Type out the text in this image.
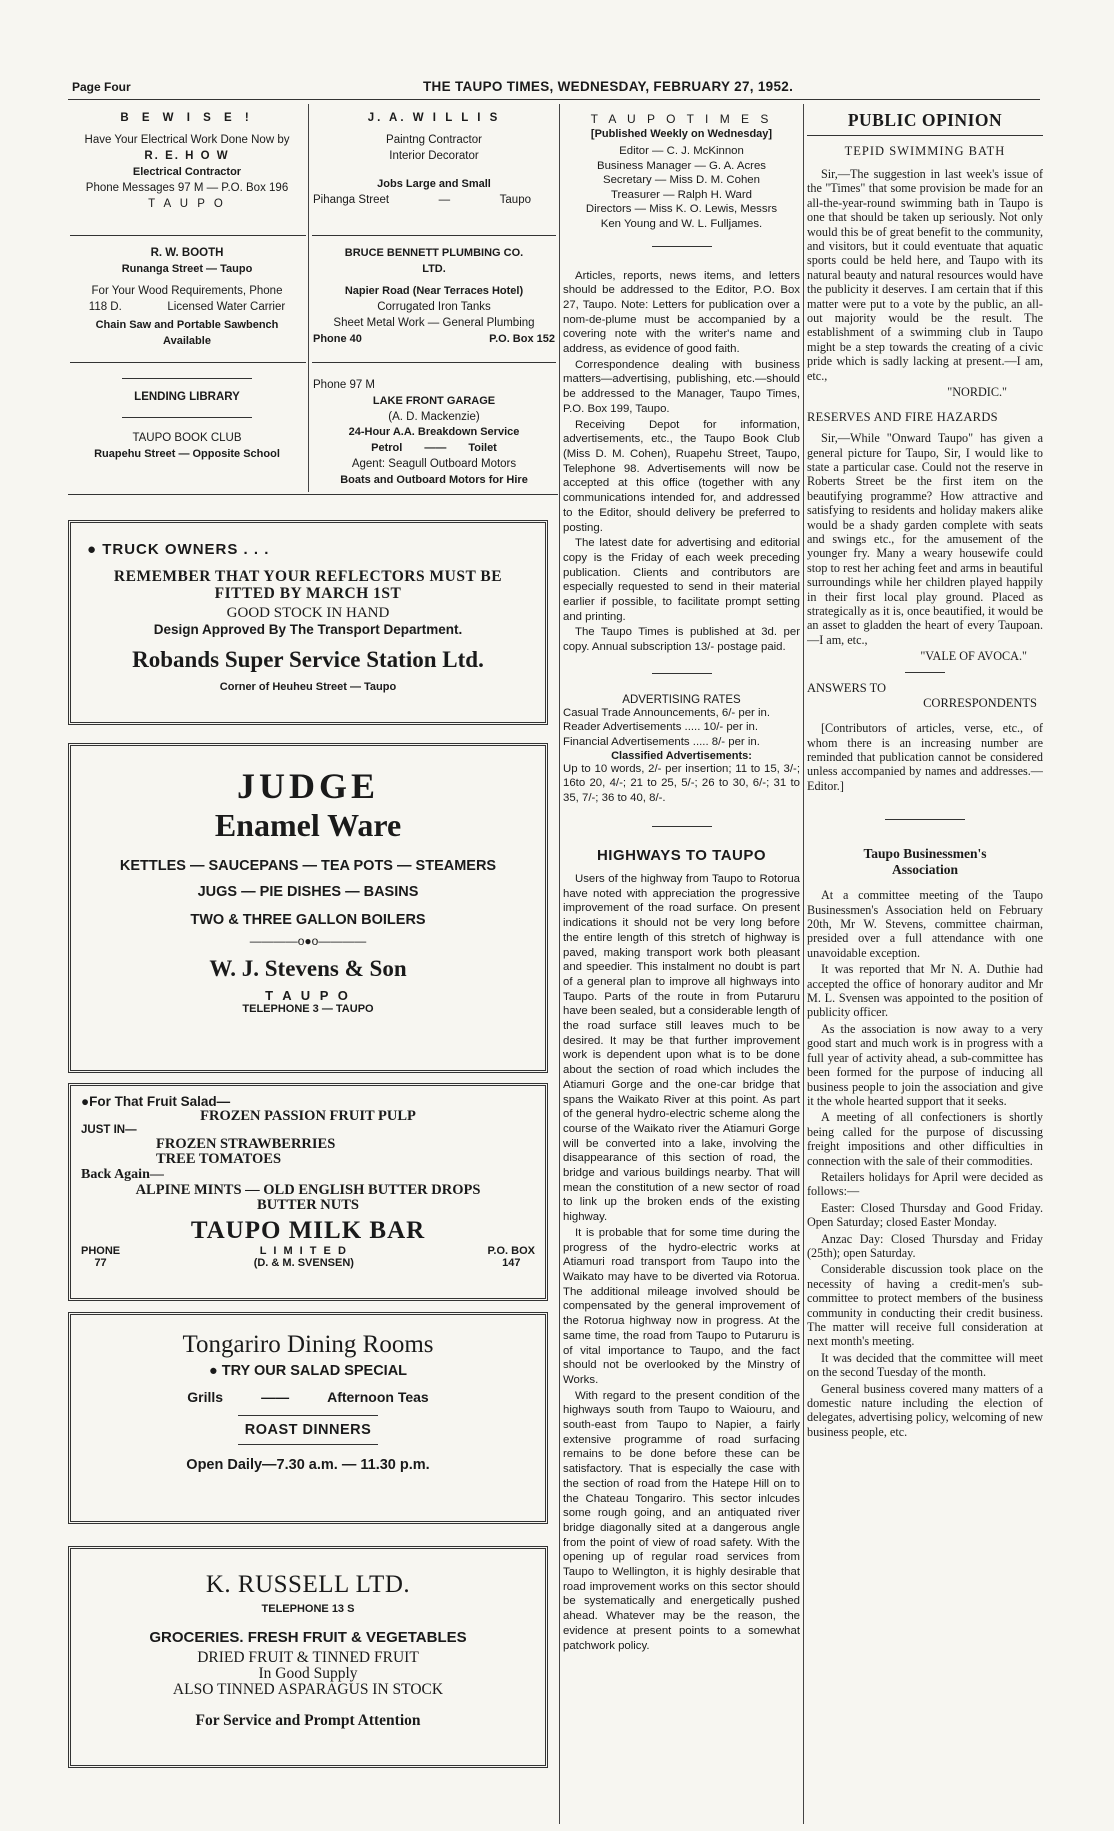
Page Four	THE TAUPO TIMES, WEDNESDAY, FEBRUARY 27, 1952.
B E W I S E !
Have Your Electrical Work Done Now by
R. E. H O W
Electrical Contractor
Phone Messages 97 M — P.O. Box 196
T A U P O
R. W. BOOTH
Runanga Street — Taupo
For Your Wood Requirements, Phone
118 D.	Licensed Water Carrier
Chain Saw and Portable Sawbench
Available
LENDING LIBRARY
TAUPO BOOK CLUB
Ruapehu Street — Opposite School
J. A. W I L L I S
Paintng Contractor
Interior Decorator
Jobs Large and Small
Pihanga Street	—	Taupo
BRUCE BENNETT PLUMBING CO.
LTD.
Napier Road (Near Terraces Hotel)
Corrugated Iron Tanks
Sheet Metal Work — General Plumbing
Phone 40	P.O. Box 152
Phone 97 M
LAKE FRONT GARAGE
(A. D. Mackenzie)
24-Hour A.A. Breakdown Service
Petrol —— Toilet
Agent: Seagull Outboard Motors
Boats and Outboard Motors for Hire
● TRUCK OWNERS . . .
REMEMBER THAT YOUR REFLECTORS MUST BE
FITTED BY MARCH 1ST
GOOD STOCK IN HAND
Design Approved By The Transport Department.
Robands Super Service Station Ltd.
Corner of Heuheu Street — Taupo
JUDGE
Enamel Ware
KETTLES — SAUCEPANS — TEA POTS — STEAMERS
JUGS — PIE DISHES — BASINS
TWO & THREE GALLON BOILERS
————o●o————
W. J. Stevens & Son
T A U P O
TELEPHONE 3 — TAUPO
●For That Fruit Salad—
FROZEN PASSION FRUIT PULP
JUST IN—
FROZEN STRAWBERRIES
TREE TOMATOES
Back Again—
ALPINE MINTS — OLD ENGLISH BUTTER DROPS
BUTTER NUTS
TAUPO MILK BAR
PHONE
77
L I M I T E D
(D. & M. SVENSEN)
P.O. BOX
147
Tongariro Dining Rooms
● TRY OUR SALAD SPECIAL
Grills	——	Afternoon Teas
ROAST DINNERS
Open Daily—7.30 a.m. — 11.30 p.m.
K. RUSSELL LTD.
TELEPHONE 13 S
GROCERIES. FRESH FRUIT & VEGETABLES
DRIED FRUIT & TINNED FRUIT
In Good Supply
ALSO TINNED ASPARAGUS IN STOCK
For Service and Prompt Attention
T A U P O T I M E S
[Published Weekly on Wednesday]
Editor — C. J. McKinnon
Business Manager — G. A. Acres
Secretary — Miss D. M. Cohen
Treasurer — Ralph H. Ward
Directors — Miss K. O. Lewis, Messrs
Ken Young and W. L. Fulljames.

Articles, reports, news items, and letters should be addressed to the Editor, P.O. Box 27, Taupo. Note: Letters for publication over a nom-de-plume must be accompanied by a covering note with the writer's name and address, as evidence of good faith.

Correspondence dealing with business matters—advertising, publishing, etc.—should be addressed to the Manager, Taupo Times, P.O. Box 199, Taupo.

Receiving Depot for information, advertisements, etc., the Taupo Book Club (Miss D. M. Cohen), Ruapehu Street, Taupo, Telephone 98. Advertisements will now be accepted at this office (together with any communications intended for, and addressed to the Editor, should delivery be preferred to posting.

The latest date for advertising and editorial copy is the Friday of each week preceding publication. Clients and contributors are especially requested to send in their material earlier if possible, to facilitate prompt setting and printing.

The Taupo Times is published at 3d. per copy. Annual subscription 13/- postage paid.

ADVERTISING RATES
Casual Trade Announcements, 6/- per in.
Reader Advertisements ..... 10/- per in.
Financial Advertisements ..... 8/- per in.
Classified Advertisements:
Up to 10 words, 2/- per insertion; 11 to 15, 3/-; 16to 20, 4/-; 21 to 25, 5/-; 26 to 30, 6/-; 31 to 35, 7/-; 36 to 40, 8/-.
HIGHWAYS TO TAUPO

Users of the highway from Taupo to Rotorua have noted with appreciation the progressive improvement of the road surface. On present indications it should not be very long before the entire length of this stretch of highway is paved, making transport work both pleasant and speedier. This instalment no doubt is part of a general plan to improve all highways into Taupo. Parts of the route in from Putaruru have been sealed, but a considerable length of the road surface still leaves much to be desired. It may be that further improvement work is dependent upon what is to be done about the section of road which includes the Atiamuri Gorge and the one-car bridge that spans the Waikato River at this point. As part of the general hydro-electric scheme along the course of the Waikato river the Atiamuri Gorge will be converted into a lake, involving the disappearance of this section of road, the bridge and various buildings nearby. That will mean the constitution of a new sector of road to link up the broken ends of the existing highway.

It is probable that for some time during the progress of the hydro-electric works at Atiamuri road transport from Taupo into the Waikato may have to be diverted via Rotorua. The additional mileage involved should be compensated by the general improvement of the Rotorua highway now in progress. At the same time, the road from Taupo to Putaruru is of vital importance to Taupo, and the fact should not be overlooked by the Minstry of Works.

With regard to the present condition of the highways south from Taupo to Waiouru, and south-east from Taupo to Napier, a fairly extensive programme of road surfacing remains to be done before these can be satisfactory. That is especially the case with the section of road from the Hatepe Hill on to the Chateau Tongariro. This sector inlcudes some rough going, and an antiquated river bridge diagonally sited at a dangerous angle from the point of view of road safety. With the opening up of regular road services from Taupo to Wellington, it is highly desirable that road improvement works on this sector should be systematically and energetically pushed ahead. Whatever may be the reason, the evidence at present points to a somewhat patchwork policy.

PUBLIC OPINION
TEPID SWIMMING BATH

Sir,—The suggestion in last week's issue of the "Times" that some provision be made for an all-the-year-round swimming bath in Taupo is one that should be taken up seriously. Not only would this be of great benefit to the community, and visitors, but it could eventuate that aquatic sports could be held here, and Taupo with its natural beauty and natural resources would have the publicity it deserves. I am certain that if this matter were put to a vote by the public, an all-out majority would be the result. The establishment of a swimming club in Taupo might be a step towards the creating of a civic pride which is sadly lacking at present.—I am, etc.,

"NORDIC."
RESERVES AND FIRE HAZARDS

Sir,—While "Onward Taupo" has given a general picture for Taupo, Sir, I would like to state a particular case. Could not the reserve in Roberts Street be the first item on the beautifying programme? How attractive and satisfying to residents and holiday makers alike would be a shady garden complete with seats and swings etc., for the amusement of the younger fry. Many a weary housewife could stop to rest her aching feet and arms in beautiful surroundings while her children played happily in their first local play ground. Placed as strategically as it is, once beautified, it would be an asset to gladden the heart of every Taupoan.—I am, etc.,

"VALE OF AVOCA."
ANSWERS TO
CORRESPONDENTS

[Contributors of articles, verse, etc., of whom there is an increasing number are reminded that publication cannot be considered unless accompanied by names and addresses.—Editor.]

Taupo Businessmen's
Association

At a committee meeting of the Taupo Businessmen's Association held on February 20th, Mr W. Stevens, committee chairman, presided over a full attendance with one unavoidable exception.

It was reported that Mr N. A. Duthie had accepted the office of honorary auditor and Mr M. L. Svensen was appointed to the position of publicity officer.

As the association is now away to a very good start and much work is in progress with a full year of activity ahead, a sub-committee has been formed for the purpose of inducing all business people to join the association and give it the whole hearted support that it seeks.

A meeting of all confectioners is shortly being called for the purpose of discussing freight impositions and other difficulties in connection with the sale of their commodities.

Retailers holidays for April were decided as follows:—

Easter: Closed Thursday and Good Friday. Open Saturday; closed Easter Monday.

Anzac Day: Closed Thursday and Friday (25th); open Saturday.

Considerable discussion took place on the necessity of having a credit-men's sub-committee to protect members of the business community in conducting their credit business. The matter will receive full consideration at next month's meeting.

It was decided that the committee will meet on the second Tuesday of the month.

General business covered many matters of a domestic nature including the election of delegates, advertising policy, welcoming of new business people, etc.
